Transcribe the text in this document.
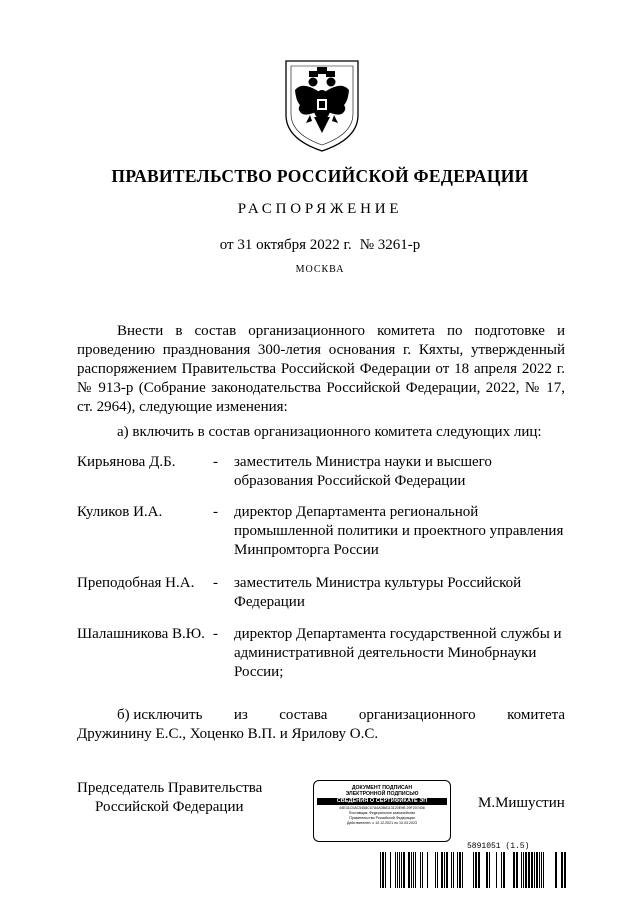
ПРАВИТЕЛЬСТВО РОССИЙСКОЙ ФЕДЕРАЦИИ
РАСПОРЯЖЕНИЕ
от 31 октября 2022 г. № 3261-р
МОСКВА

Внести в состав организационного комитета по подготовке и проведению празднования 300-летия основания г. Кяхты, утвержденный распоряжением Правительства Российской Федерации от 18 апреля 2022 г. № 913-р (Собрание законодательства Российской Федерации, 2022, № 17, ст. 2964), следующие изменения:

а) включить в состав организационного комитета следующих лиц:
Кирьянова Д.Б.	- заместитель Министра науки и высшего образования Российской Федерации
Куликов И.А.	- директор Департамента региональной промышленной политики и проектного управления Минпромторга России
Преподобная Н.А. - заместитель Министра культуры Российской Федерации
Шалашникова В.Ю. - директор Департамента государственной службы и административной деятельности Минобрнауки России;
б) исключить из состава организационного комитета
Дружинину Е.С., Хоценко В.П. и Ярилову О.С.
Председатель Правительства
Российской Федерации
ДОКУМЕНТ ПОДПИСАН
ЭЛЕКТРОННОЙ ПОДПИСЬЮ
СВЕДЕНИЯ О СЕРТИФИКАТЕ ЭП
04E31C0AC5458C07A4A0B8113120E9B 29F207408
Поставщик: Федеральное казначейство
Правительство Российской Федерации
Действителен: с 10.12.2021 по 10.03.2023
М.Мишустин
5891051 (1.5)
